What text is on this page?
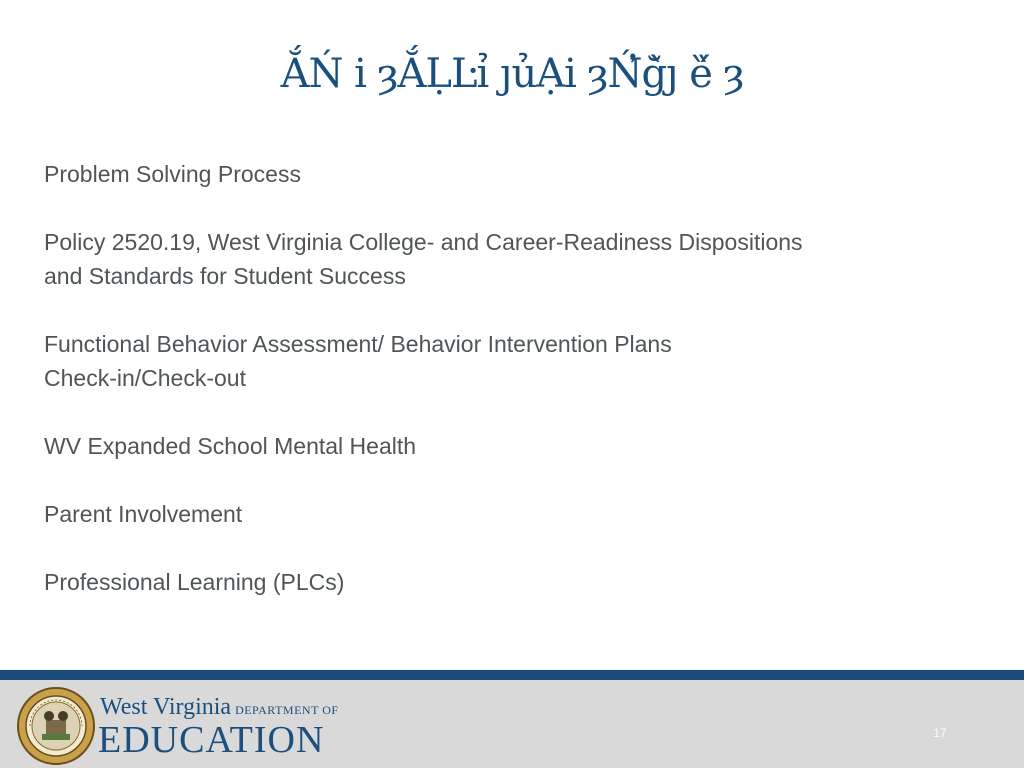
ẮŃ i ȝẮḶĿỉ ȷủẠi ȝŃ̓ğ̀ȷ ȅ́ ȝ

Problem Solving Process

Policy 2520.19, West Virginia College- and Career-Readiness Dispositions
and Standards for Student Success

Functional Behavior Assessment/ Behavior Intervention Plans
Check-in/Check-out

WV Expanded School Mental Health

Parent Involvement

Professional Learning (PLCs)

West Virginia DEPARTMENT OF
EDUCATION	17
